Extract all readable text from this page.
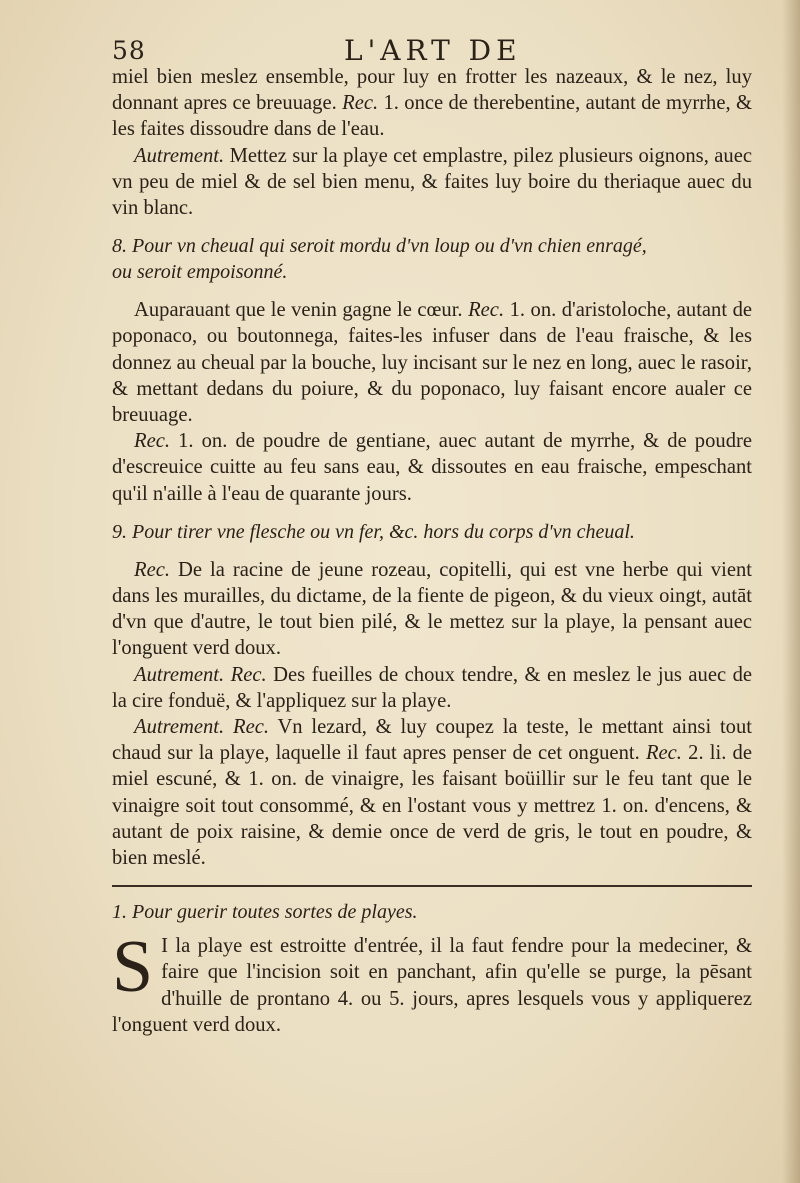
58	L'ART DE

miel bien meslez ensemble, pour luy en frotter les nazeaux, & le nez, luy donnant apres ce breuuage. Rec. 1. once de therebentine, autant de myrrhe, & les faites dissoudre dans de l'eau.

Autrement. Mettez sur la playe cet emplastre, pilez plusieurs oignons, auec vn peu de miel & de sel bien menu, & faites luy boire du theriaque auec du vin blanc.

8. Pour vn cheual qui seroit mordu d'vn loup ou d'vn chien enragé,

ou seroit empoisonné.

Auparauant que le venin gagne le cœur. Rec. 1. on. d'aristoloche, autant de poponaco, ou boutonnega, faites-les infuser dans de l'eau fraische, & les donnez au cheual par la bouche, luy incisant sur le nez en long, auec le rasoir, & mettant dedans du poiure, & du poponaco, luy faisant encore aualer ce breuuage.

Rec. 1. on. de poudre de gentiane, auec autant de myrrhe, & de poudre d'escreuice cuitte au feu sans eau, & dissoutes en eau fraische, empeschant qu'il n'aille à l'eau de quarante jours.

9. Pour tirer vne flesche ou vn fer, &c. hors du corps d'vn cheual.

Rec. De la racine de jeune rozeau, copitelli, qui est vne herbe qui vient dans les murailles, du dictame, de la fiente de pigeon, & du vieux oingt, autāt d'vn que d'autre, le tout bien pilé, & le mettez sur la playe, la pensant auec l'onguent verd doux.

Autrement. Rec. Des fueilles de choux tendre, & en meslez le jus auec de la cire fonduë, & l'appliquez sur la playe.

Autrement. Rec. Vn lezard, & luy coupez la teste, le mettant ainsi tout chaud sur la playe, laquelle il faut apres penser de cet onguent. Rec. 2. li. de miel escuné, & 1. on. de vinaigre, les faisant boüillir sur le feu tant que le vinaigre soit tout consommé, & en l'ostant vous y mettrez 1. on. d'encens, & autant de poix raisine, & demie once de verd de gris, le tout en poudre, & bien meslé.

1. Pour guerir toutes sortes de playes.

S I la playe est estroitte d'entrée, il la faut fendre pour la medeciner, & faire que l'incision soit en panchant, afin qu'elle se purge, la pēsant d'huille de prontano 4. ou 5. jours, apres lesquels vous y appliquerez l'onguent verd doux.
